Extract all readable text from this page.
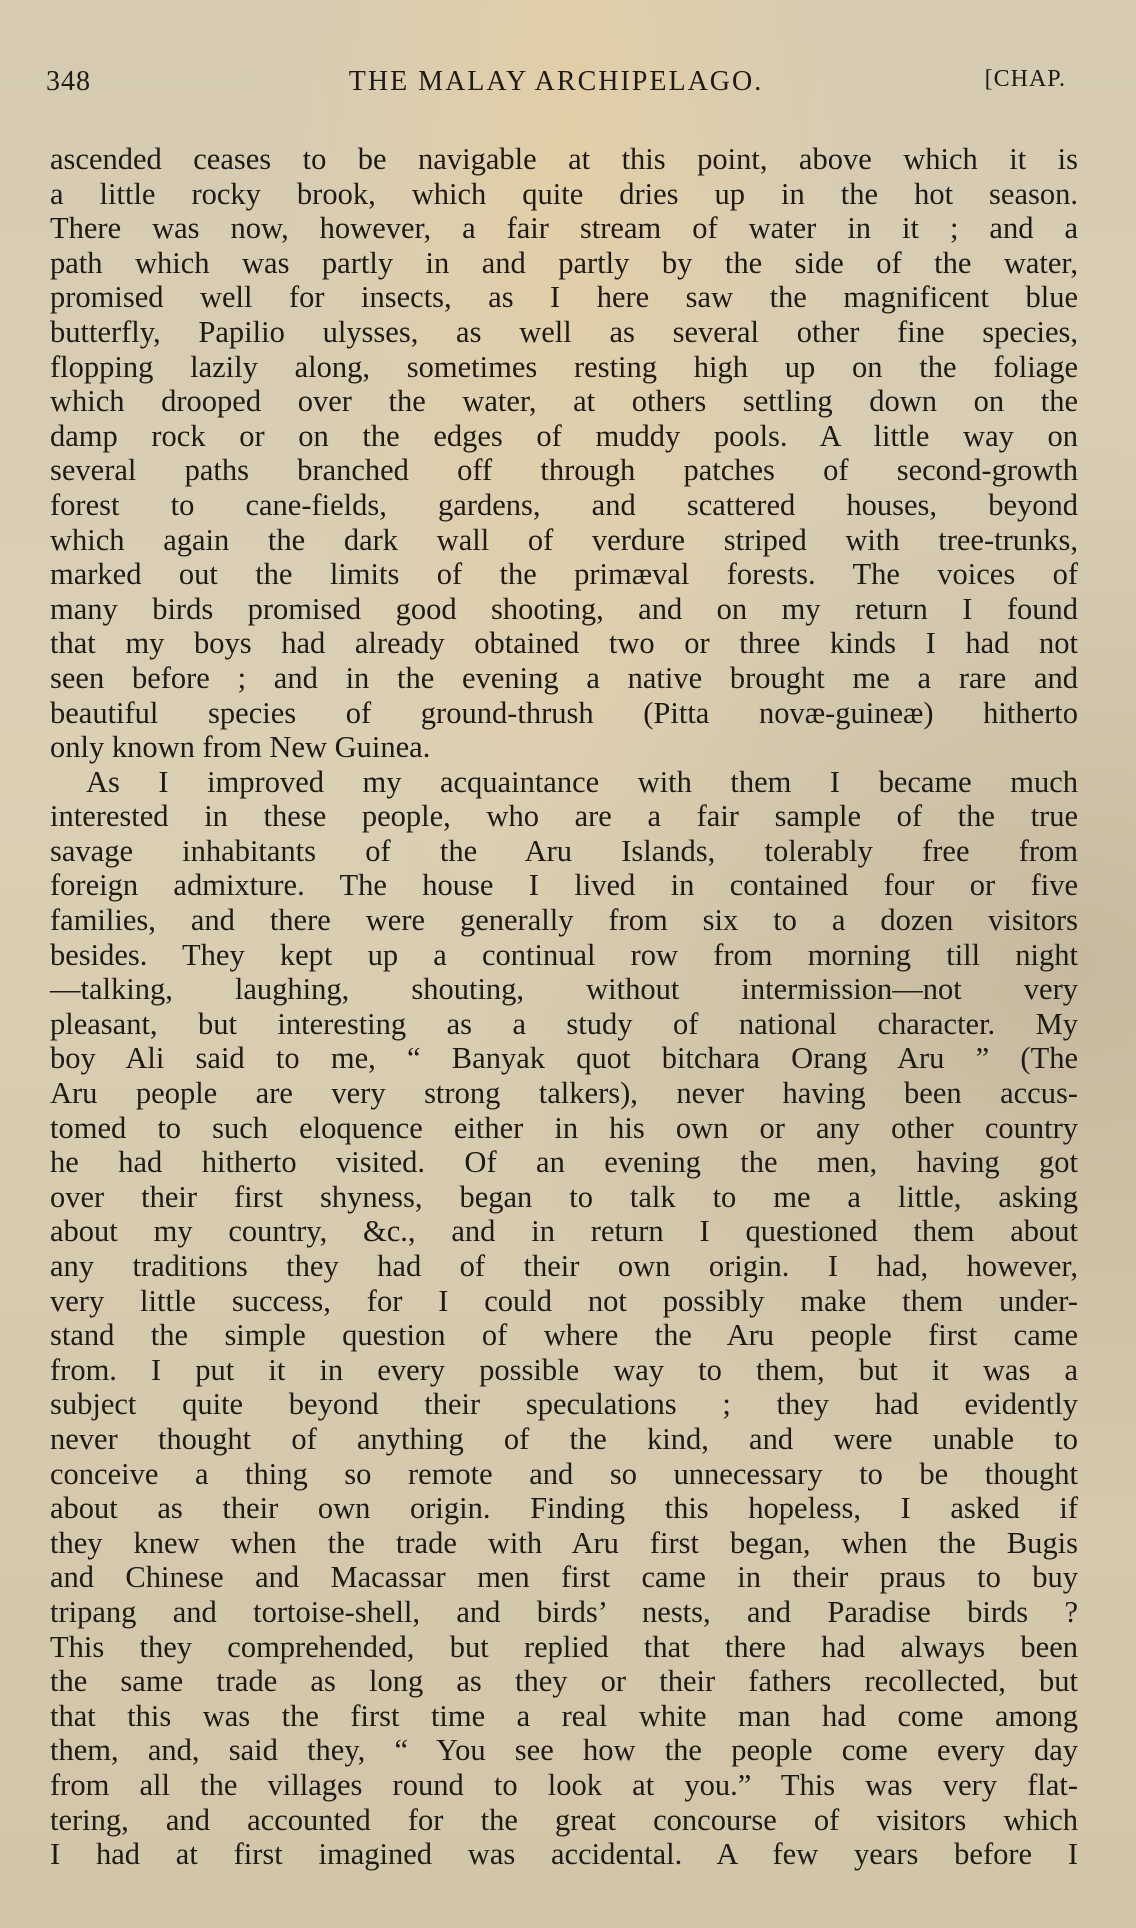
348	THE MALAY ARCHIPELAGO.	[CHAP.
ascended ceases to be navigable at this point, above which it is
a little rocky brook, which quite dries up in the hot season.
There was now, however, a fair stream of water in it ; and a
path which was partly in and partly by the side of the water,
promised well for insects, as I here saw the magnificent blue
butterfly, Papilio ulysses, as well as several other fine species,
flopping lazily along, sometimes resting high up on the foliage
which drooped over the water, at others settling down on the
damp rock or on the edges of muddy pools. A little way on
several paths branched off through patches of second-growth
forest to cane-fields, gardens, and scattered houses, beyond
which again the dark wall of verdure striped with tree-trunks,
marked out the limits of the primæval forests. The voices of
many birds promised good shooting, and on my return I found
that my boys had already obtained two or three kinds I had not
seen before ; and in the evening a native brought me a rare and
beautiful species of ground-thrush (Pitta novæ-guineæ) hitherto
only known from New Guinea.
As I improved my acquaintance with them I became much
interested in these people, who are a fair sample of the true
savage inhabitants of the Aru Islands, tolerably free from
foreign admixture. The house I lived in contained four or five
families, and there were generally from six to a dozen visitors
besides. They kept up a continual row from morning till night
—talking, laughing, shouting, without intermission—not very
pleasant, but interesting as a study of national character. My
boy Ali said to me, “ Banyak quot bitchara Orang Aru ” (The
Aru people are very strong talkers), never having been accus-
tomed to such eloquence either in his own or any other country
he had hitherto visited. Of an evening the men, having got
over their first shyness, began to talk to me a little, asking
about my country, &c., and in return I questioned them about
any traditions they had of their own origin. I had, however,
very little success, for I could not possibly make them under-
stand the simple question of where the Aru people first came
from. I put it in every possible way to them, but it was a
subject quite beyond their speculations ; they had evidently
never thought of anything of the kind, and were unable to
conceive a thing so remote and so unnecessary to be thought
about as their own origin. Finding this hopeless, I asked if
they knew when the trade with Aru first began, when the Bugis
and Chinese and Macassar men first came in their praus to buy
tripang and tortoise-shell, and birds’ nests, and Paradise birds ?
This they comprehended, but replied that there had always been
the same trade as long as they or their fathers recollected, but
that this was the first time a real white man had come among
them, and, said they, “ You see how the people come every day
from all the villages round to look at you.” This was very flat-
tering, and accounted for the great concourse of visitors which
I had at first imagined was accidental. A few years before I
